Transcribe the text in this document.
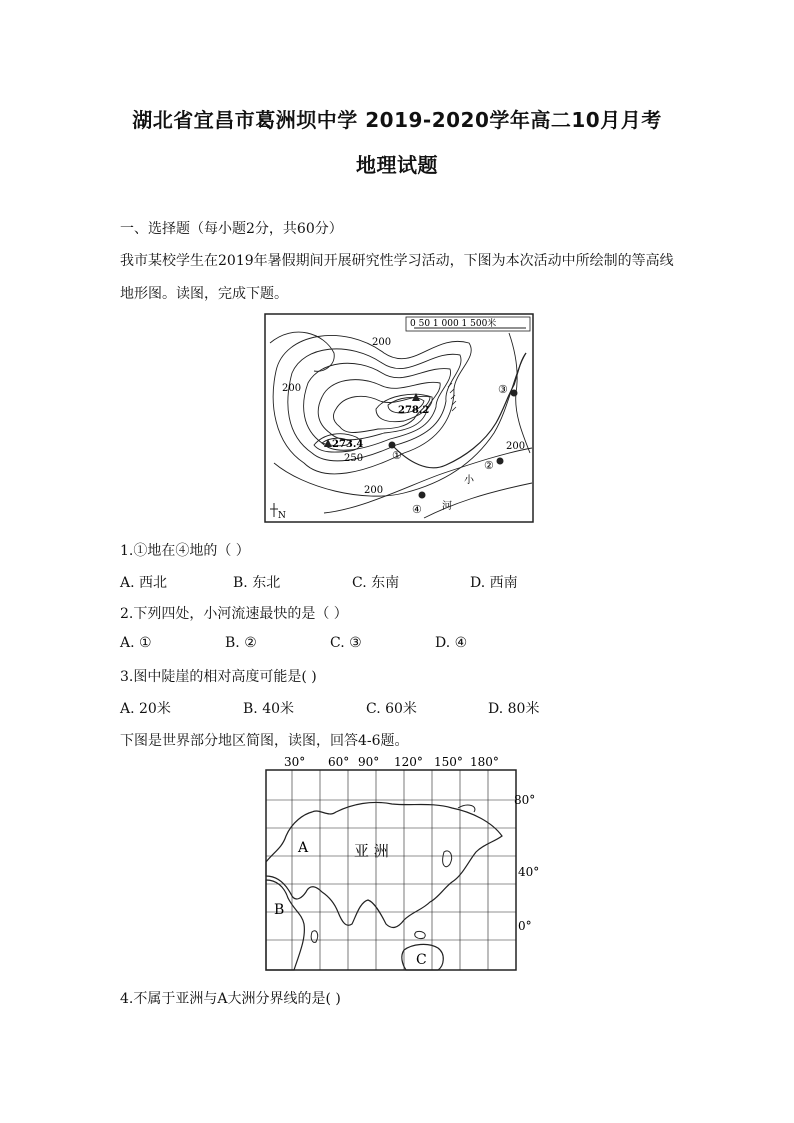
湖北省宜昌市葛洲坝中学 2019-2020学年高二10月月考
地理试题
一、选择题（每小题2分，共60分）
我市某校学生在2019年暑假期间开展研究性学习活动，下图为本次活动中所绘制的等高线
地形图。读图，完成下题。
0 50 1 000 1 500米
278.2
273.4
200
200
250
200
200
①
②
③
④
小
河
N
1.①地在④地的（ ）
A. 西北	B. 东北	C. 东南	D. 西南
2.下列四处，小河流速最快的是（ ）
A. ①	B. ②	C. ③	D. ④
3.图中陡崖的相对高度可能是( )
A. 20米	B. 40米	C. 60米	D. 80米
下图是世界部分地区简图，读图，回答4-6题。
30° 60° 90° 120° 150° 180°
80°
40°
0°
亚 洲
A
B
C
4.不属于亚洲与A大洲分界线的是( )
